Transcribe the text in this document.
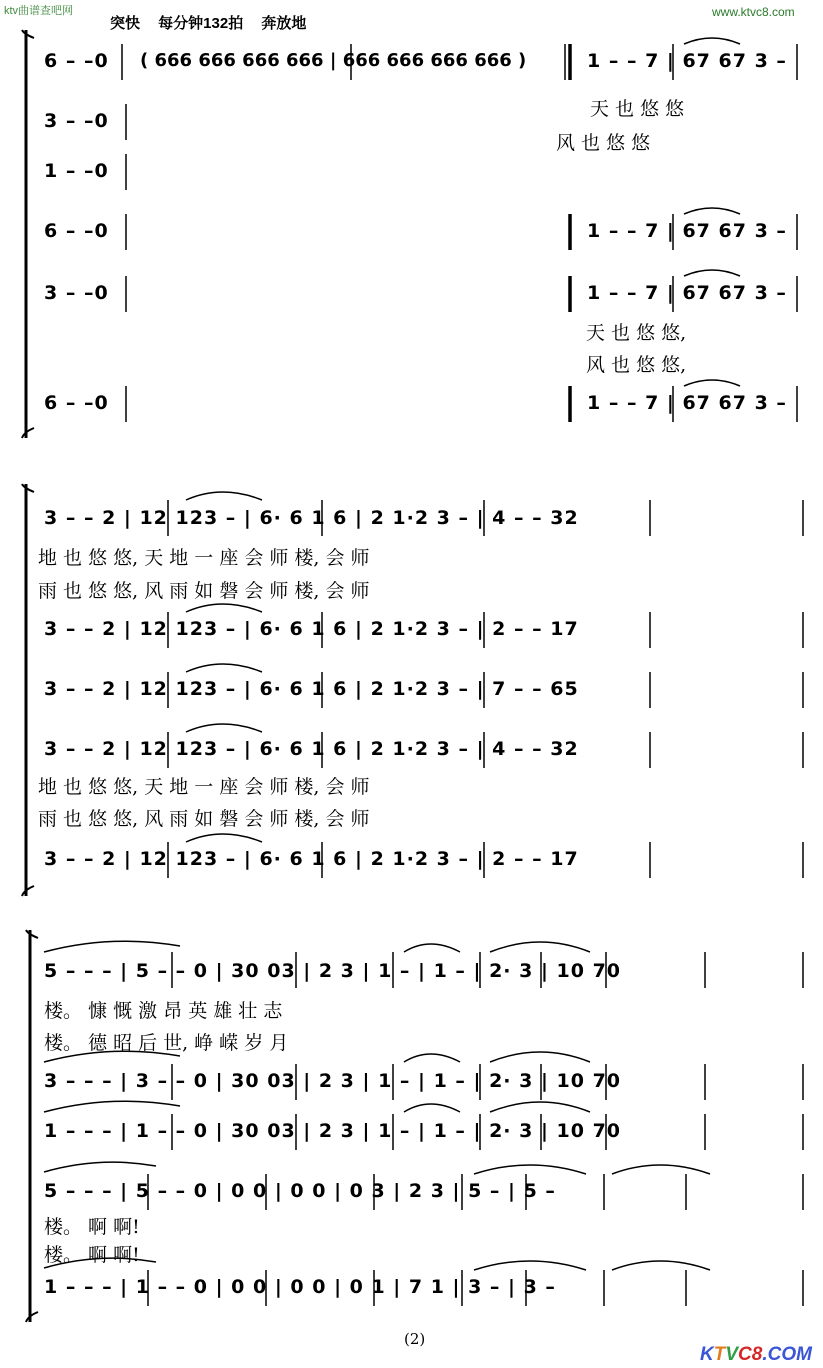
ktv曲谱查吧网	www.ktvc8.com
突快 每分钟132拍 奔放地
6 – –0 ( 666 666 666 666 | 666 666 666 666 )	1 – – 7 | 67 67 3 –
3 – –0
天 也 悠 悠
风 也 悠 悠
1 – –0
6 – –0	1 – – 7 | 67 67 3 –
3 – –0	1 – – 7 | 67 67 3 –
天 也 悠 悠,
风 也 悠 悠,
6 – –0	1 – – 7 | 67 67 3 –
3 – – 2 | 12 123 – | 6· 6 1 6 | 2 1·2 3 – | 4 – – 32
地 也 悠 悠, 天 地 一 座 会 师 楼, 会 师
雨 也 悠 悠, 风 雨 如 磐 会 师 楼, 会 师
3 – – 2 | 12 123 – | 6· 6 1 6 | 2 1·2 3 – | 2 – – 17
3 – – 2 | 12 123 – | 6· 6 1 6 | 2 1·2 3 – | 7 – – 65
3 – – 2 | 12 123 – | 6· 6 1 6 | 2 1·2 3 – | 4 – – 32
地 也 悠 悠, 天 地 一 座 会 师 楼, 会 师
雨 也 悠 悠, 风 雨 如 磐 会 师 楼, 会 师
3 – – 2 | 12 123 – | 6· 6 1 6 | 2 1·2 3 – | 2 – – 17
5 – – – | 5 – – 0 | 30 03 | 2 3 | 1 – | 1 – | 2· 3 | 10 70
楼。 慷 慨 激 昂 英 雄 壮 志
楼。 德 昭 后 世, 峥 嵘 岁 月
3 – – – | 3 – – 0 | 30 03 | 2 3 | 1 – | 1 – | 2· 3 | 10 70
1 – – – | 1 – – 0 | 30 03 | 2 3 | 1 – | 1 – | 2· 3 | 10 70
5 – – – | 5 – – 0 | 0 0 | 0 0 | 0 3 | 2 3 | 5 – | 5 –
楼。 啊 啊!
楼。 啊 啊!
1 – – – | 1 – – 0 | 0 0 | 0 0 | 0 1 | 7 1 | 3 – | 3 –
(2)
KTVC8.COM
